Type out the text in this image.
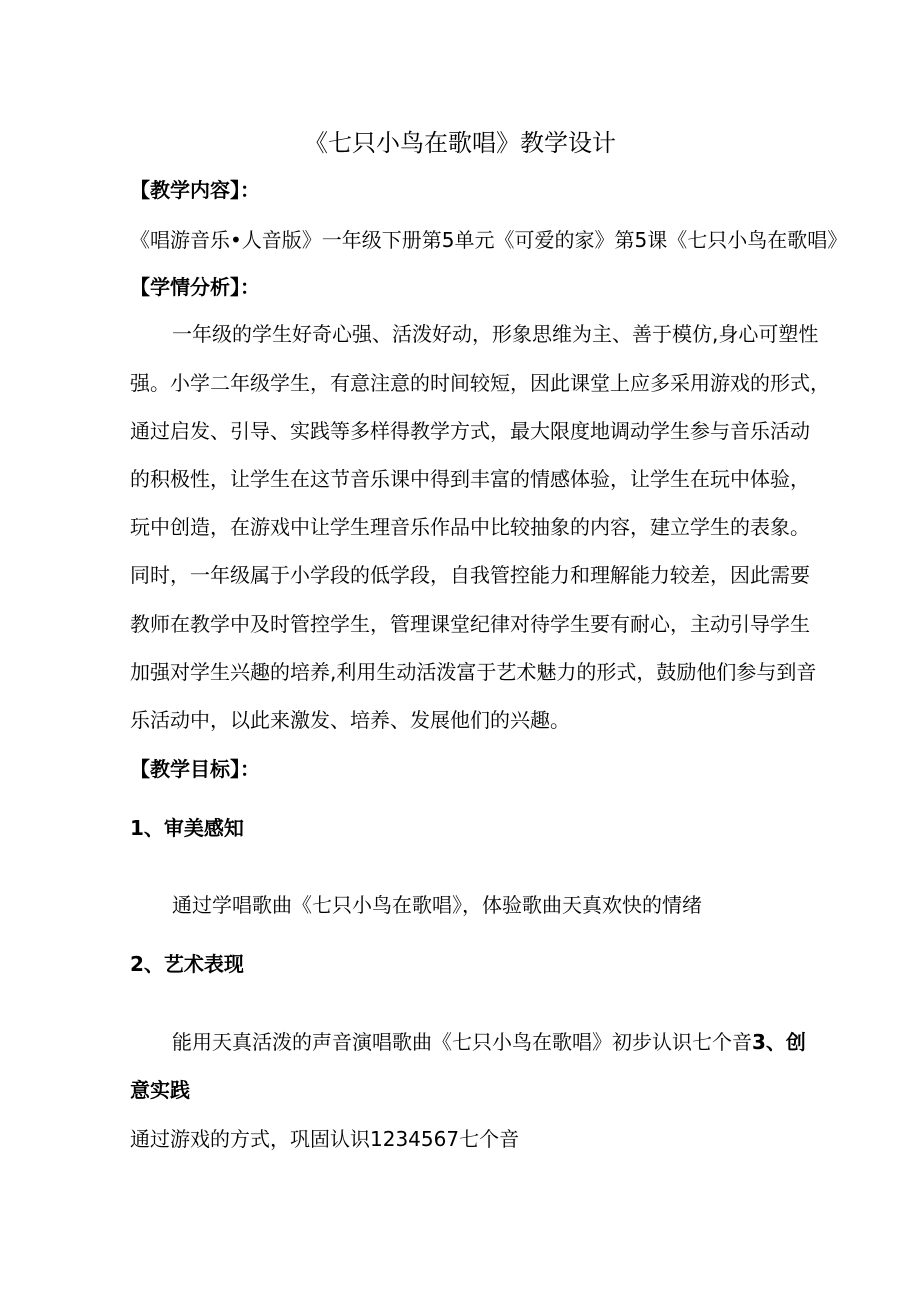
《七只小鸟在歌唱》教学设计
【教学内容】：
《唱游音乐•人音版》一年级下册第5单元《可爱的家》第5课《七只小鸟在歌唱》
【学情分析】：
一年级的学生好奇心强、活泼好动，形象思维为主、善于模仿,身心可塑性
强。小学二年级学生，有意注意的时间较短，因此课堂上应多采用游戏的形式，
通过启发、引导、实践等多样得教学方式，最大限度地调动学生参与音乐活动
的积极性，让学生在这节音乐课中得到丰富的情感体验，让学生在玩中体验，
玩中创造，在游戏中让学生理音乐作品中比较抽象的内容，建立学生的表象。
同时，一年级属于小学段的低学段，自我管控能力和理解能力较差，因此需要
教师在教学中及时管控学生，管理课堂纪律对待学生要有耐心，主动引导学生
加强对学生兴趣的培养,利用生动活泼富于艺术魅力的形式，鼓励他们参与到音
乐活动中，以此来激发、培养、发展他们的兴趣。
【教学目标】：
1、审美感知
通过学唱歌曲《七只小鸟在歌唱》，体验歌曲天真欢快的情绪
2、艺术表现
能用天真活泼的声音演唱歌曲《七只小鸟在歌唱》初步认识七个音3、创
意实践
通过游戏的方式，巩固认识1234567七个音
